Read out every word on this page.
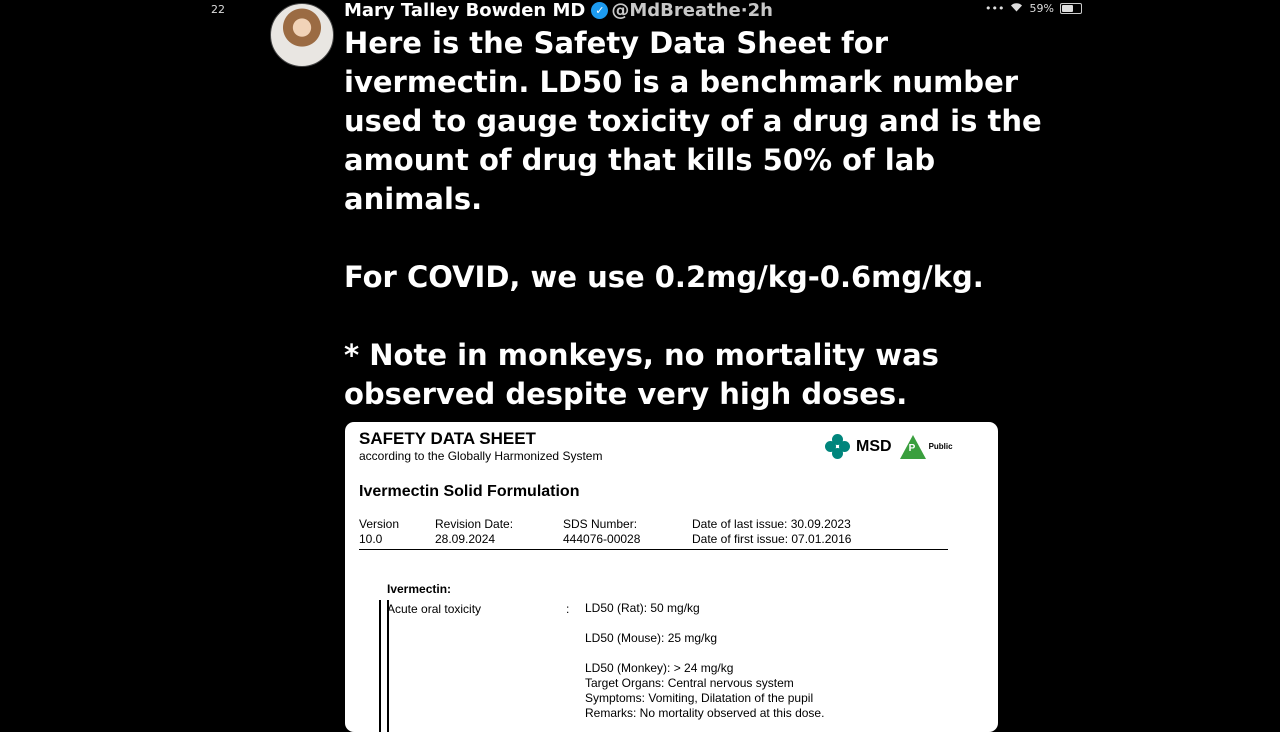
22	••• 59%
Mary Talley Bowden MD ✓ @MdBreathe · 2h

Here is the Safety Data Sheet for ivermectin. LD50 is a benchmark number used to gauge toxicity of a drug and is the amount of drug that kills 50% of lab animals.

For COVID, we use 0.2mg/kg-0.6mg/kg.

* Note in monkeys, no mortality was observed despite very high doses.

SAFETY DATA SHEET
according to the Globally Harmonized System
MSD P Public
Ivermectin Solid Formulation
Version
10.0
Revision Date:
28.09.2024
SDS Number:
444076-00028
Date of last issue: 30.09.2023
Date of first issue: 07.01.2016
Ivermectin:
Acute oral toxicity	: LD50 (Rat): 50 mg/kg
LD50 (Mouse): 25 mg/kg
LD50 (Monkey): > 24 mg/kg
Target Organs: Central nervous system
Symptoms: Vomiting, Dilatation of the pupil
Remarks: No mortality observed at this dose.
